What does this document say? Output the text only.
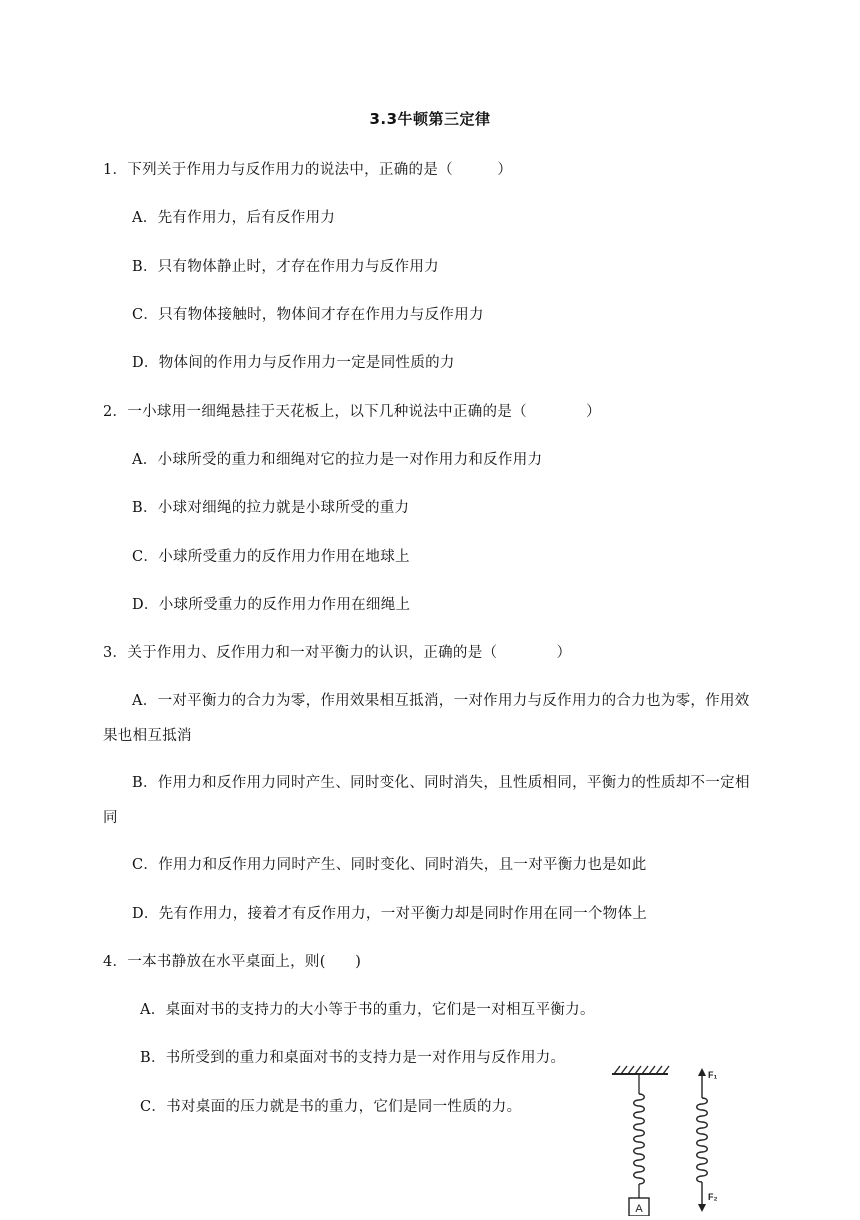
3.3牛顿第三定律
1．下列关于作用力与反作用力的说法中，正确的是（　　　）
A．先有作用力，后有反作用力
B．只有物体静止时，才存在作用力与反作用力
C．只有物体接触时，物体间才存在作用力与反作用力
D．物体间的作用力与反作用力一定是同性质的力
2．一小球用一细绳悬挂于天花板上，以下几种说法中正确的是（　　　　）
A．小球所受的重力和细绳对它的拉力是一对作用力和反作用力
B．小球对细绳的拉力就是小球所受的重力
C．小球所受重力的反作用力作用在地球上
D．小球所受重力的反作用力作用在细绳上
3．关于作用力、反作用力和一对平衡力的认识，正确的是（　　　　）
A．一对平衡力的合力为零，作用效果相互抵消，一对作用力与反作用力的合力也为零，作用效
果也相互抵消
B．作用力和反作用力同时产生、同时变化、同时消失，且性质相同，平衡力的性质却不一定相
同
C．作用力和反作用力同时产生、同时变化、同时消失，且一对平衡力也是如此
D．先有作用力，接着才有反作用力，一对平衡力却是同时作用在同一个物体上
4．一本书静放在水平桌面上，则(　　)
A．桌面对书的支持力的大小等于书的重力，它们是一对相互平衡力。
B．书所受到的重力和桌面对书的支持力是一对作用与反作用力。
C．书对桌面的压力就是书的重力，它们是同一性质的力。
A
F₁
F₂
